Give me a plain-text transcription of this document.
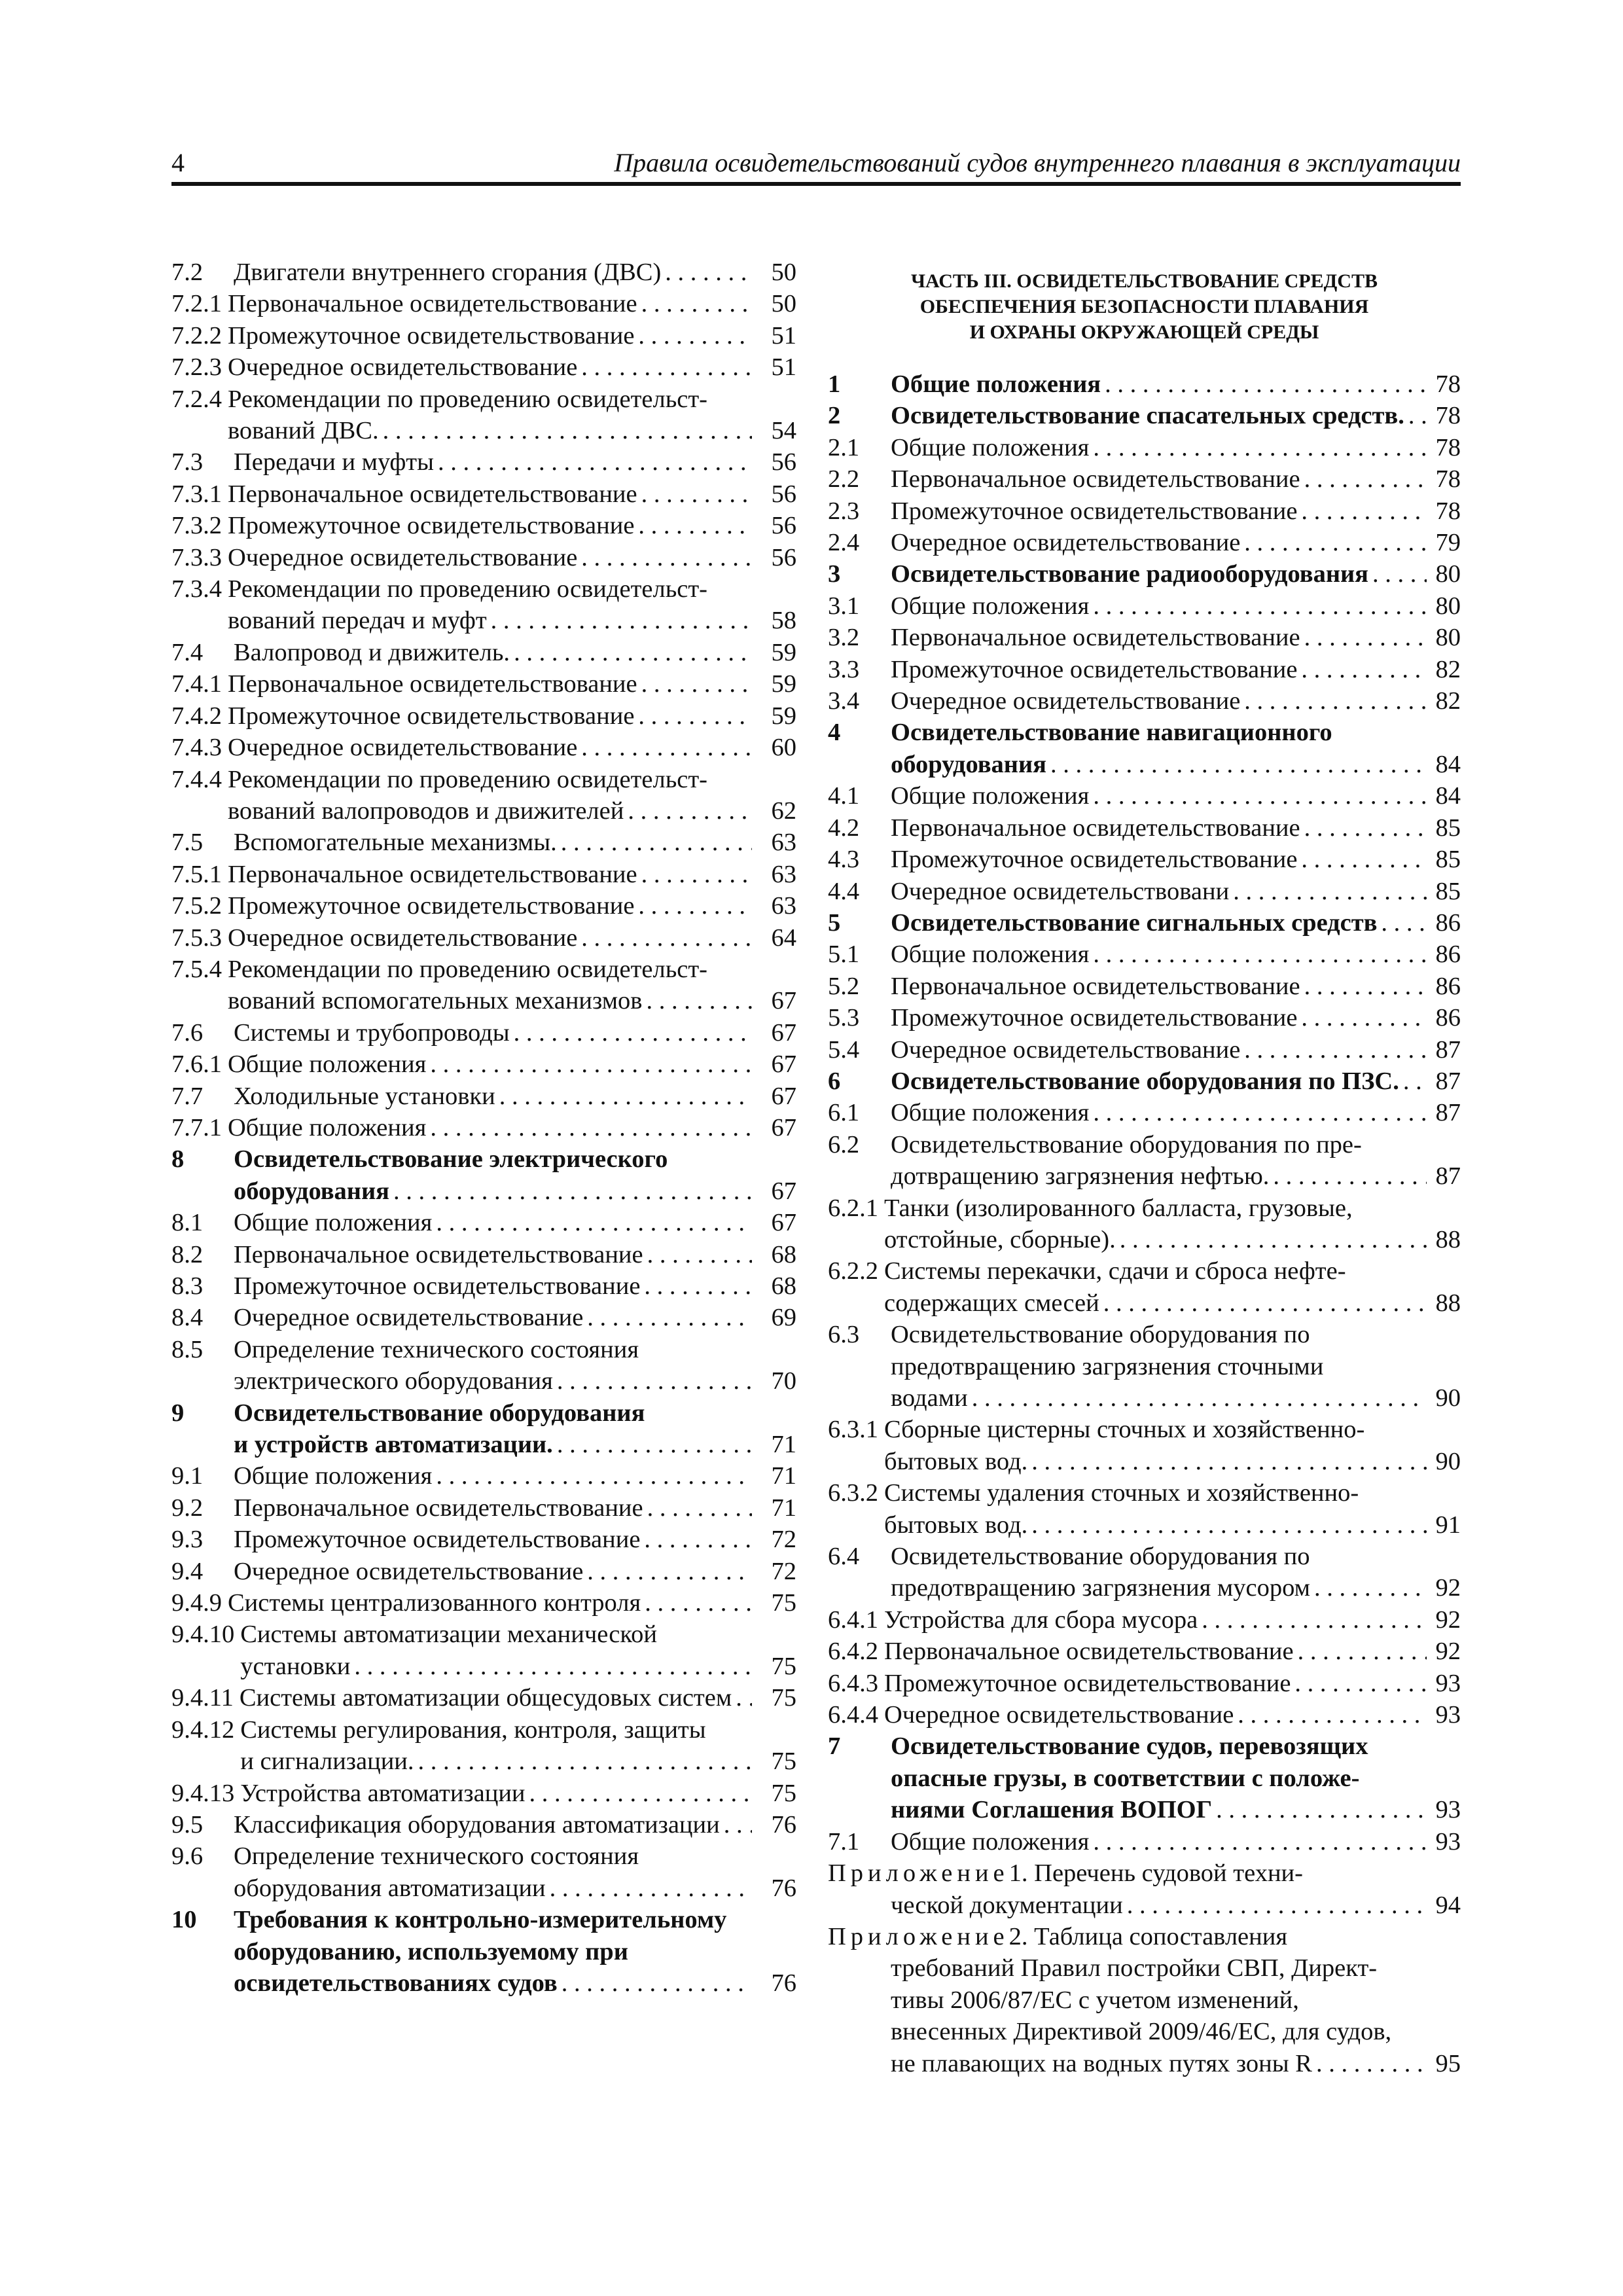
4	Правила освидетельствований судов внутреннего плавания в эксплуатации
7.2	Двигатели внутреннего сгорания (ДВС) . . .	50
7.2.1 Первоначальное освидетельствование . . .	50
7.2.2 Промежуточное освидетельствование . . .	51
7.2.3 Очередное освидетельствование . . .	51
7.2.4 Рекомендации по проведению освидетельст-
вований ДВС. . . .	54
7.3	Передачи и муфты . . .	56
7.3.1 Первоначальное освидетельствование . . .	56
7.3.2 Промежуточное освидетельствование . . .	56
7.3.3 Очередное освидетельствование . . .	56
7.3.4 Рекомендации по проведению освидетельст-
вований передач и муфт . . .	58
7.4	Валопровод и движитель. . . .	59
7.4.1 Первоначальное освидетельствование . . .	59
7.4.2 Промежуточное освидетельствование . . .	59
7.4.3 Очередное освидетельствование . . .	60
7.4.4 Рекомендации по проведению освидетельст-
вований валопроводов и движителей . . .	62
7.5	Вспомогательные механизмы. . . .	63
7.5.1 Первоначальное освидетельствование . . .	63
7.5.2 Промежуточное освидетельствование . . .	63
7.5.3 Очередное освидетельствование . . .	64
7.5.4 Рекомендации по проведению освидетельст-
вований вспомогательных механизмов . . .	67
7.6	Системы и трубопроводы . . .	67
7.6.1 Общие положения . . .	67
7.7	Холодильные установки . . .	67
7.7.1 Общие положения . . .	67
8	Освидетельствование электрического
оборудования . . .	67
8.1	Общие положения . . .	67
8.2	Первоначальное освидетельствование . . .	68
8.3	Промежуточное освидетельствование . . .	68
8.4	Очередное освидетельствование . . .	69
8.5	Определение технического состояния
электрического оборудования . . .	70
9	Освидетельствование оборудования
и устройств автоматизации. . . .	71
9.1	Общие положения . . .	71
9.2	Первоначальное освидетельствование . . .	71
9.3	Промежуточное освидетельствование . . .	72
9.4	Очередное освидетельствование . . .	72
9.4.9 Системы централизованного контроля . . .	75
9.4.10 Системы автоматизации механической
установки . . .	75
9.4.11 Системы автоматизации общесудовых систем . . .	75
9.4.12 Системы регулирования, контроля, защиты
и сигнализации. . . .	75
9.4.13 Устройства автоматизации . . .	75
9.5	Классификация оборудования автоматизации . . .	76
9.6	Определение технического состояния
оборудования автоматизации . . .	76
10	Требования к контрольно-измерительному
оборудованию, используемому при
освидетельствованиях судов . . .	76
ЧАСТЬ III. ОСВИДЕТЕЛЬСТВОВАНИЕ СРЕДСТВ
ОБЕСПЕЧЕНИЯ БЕЗОПАСНОСТИ ПЛАВАНИЯ
И ОХРАНЫ ОКРУЖАЮЩЕЙ СРЕДЫ
1	Общие положения . . .	78
2	Освидетельствование спасательных средств. . . . 78
2.1	Общие положения . . .	78
2.2	Первоначальное освидетельствование . . .	78
2.3	Промежуточное освидетельствование . . .	78
2.4	Очередное освидетельствование . . .	79
3	Освидетельствование радиооборудования . . .	80
3.1	Общие положения . . .	80
3.2	Первоначальное освидетельствование . . .	80
3.3	Промежуточное освидетельствование . . .	82
3.4	Очередное освидетельствование . . .	82
4	Освидетельствование навигационного
оборудования . . .	84
4.1	Общие положения . . .	84
4.2	Первоначальное освидетельствование . . .	85
4.3	Промежуточное освидетельствование . . .	85
4.4	Очередное освидетельствовани . . .	85
5	Освидетельствование сигнальных средств . . . 86
5.1	Общие положения . . .	86
5.2	Первоначальное освидетельствование . . .	86
5.3	Промежуточное освидетельствование . . .	86
5.4	Очередное освидетельствование . . .	87
6	Освидетельствование оборудования по ПЗС. . . . 87
6.1	Общие положения . . .	87
6.2	Освидетельствование оборудования по пре-
дотвращению загрязнения нефтью. . . .	87
6.2.1 Танки (изолированного балласта, грузовые,
отстойные, сборные). . . .	88
6.2.2 Системы перекачки, сдачи и сброса нефте-
содержащих смесей . . .	88
6.3	Освидетельствование оборудования по
предотвращению загрязнения сточными
водами . . .	90
6.3.1 Сборные цистерны сточных и хозяйственно-
бытовых вод. . . .	90
6.3.2 Системы удаления сточных и хозяйственно-
бытовых вод. . . .	91
6.4	Освидетельствование оборудования по
предотвращению загрязнения мусором . . .	92
6.4.1 Устройства для сбора мусора . . .	92
6.4.2 Первоначальное освидетельствование . . .	92
6.4.3 Промежуточное освидетельствование . . .	93
6.4.4 Очередное освидетельствование . . .	93
7	Освидетельствование судов, перевозящих
опасные грузы, в соответствии с положе-
ниями Соглашения ВОПОГ . . .	93
7.1	Общие положения . . .	93
Приложение 1. Перечень судовой техни-
ческой документации . . .	94
Приложение 2. Таблица сопоставления
требований Правил постройки СВП, Директ-
тивы 2006/87/ЕС с учетом изменений,
внесенных Директивой 2009/46/ЕС, для судов,
не плавающих на водных путях зоны R . . .	95
